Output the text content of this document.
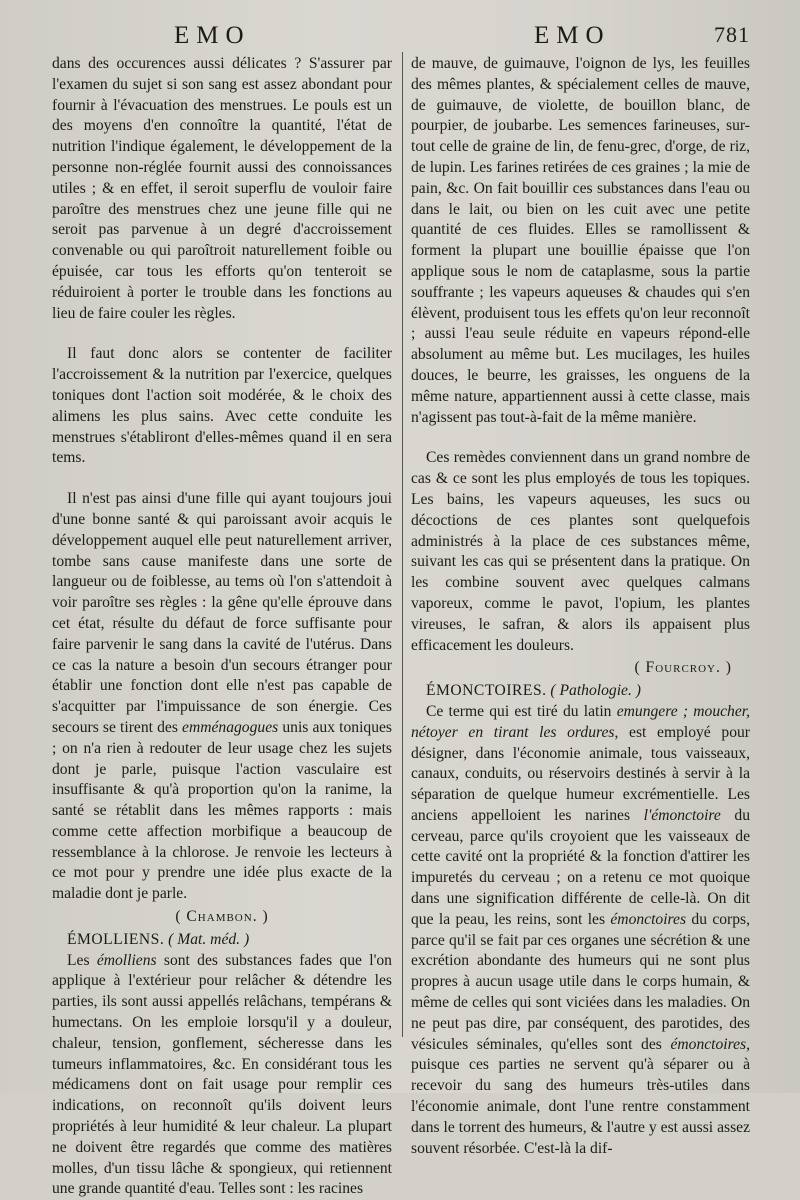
EMO	EMO	781

dans des occurences aussi délicates ? S'assurer par l'examen du sujet si son sang est assez abondant pour fournir à l'évacuation des menstrues. Le pouls est un des moyens d'en connoître la quantité, l'état de nutrition l'indique également, le développement de la personne non-réglée fournit aussi des connoissances utiles ; & en effet, il seroit superflu de vouloir faire paroître des menstrues chez une jeune fille qui ne seroit pas parvenue à un degré d'accroissement convenable ou qui paroîtroit naturellement foible ou épuisée, car tous les efforts qu'on tenteroit se réduiroient à porter le trouble dans les fonctions au lieu de faire couler les règles.

Il faut donc alors se contenter de faciliter l'accroissement & la nutrition par l'exercice, quelques toniques dont l'action soit modérée, & le choix des alimens les plus sains. Avec cette conduite les menstrues s'établiront d'elles-mêmes quand il en sera tems.

Il n'est pas ainsi d'une fille qui ayant toujours joui d'une bonne santé & qui paroissant avoir acquis le développement auquel elle peut naturellement arriver, tombe sans cause manifeste dans une sorte de langueur ou de foiblesse, au tems où l'on s'attendoit à voir paroître ses règles : la gêne qu'elle éprouve dans cet état, résulte du défaut de force suffisante pour faire parvenir le sang dans la cavité de l'utérus. Dans ce cas la nature a besoin d'un secours étranger pour établir une fonction dont elle n'est pas capable de s'acquitter par l'impuissance de son énergie. Ces secours se tirent des emménagogues unis aux toniques ; on n'a rien à redouter de leur usage chez les sujets dont je parle, puisque l'action vasculaire est insuffisante & qu'à proportion qu'on la ranime, la santé se rétablit dans les mêmes rapports : mais comme cette affection morbifique a beaucoup de ressemblance à la chlorose. Je renvoie les lecteurs à ce mot pour y prendre une idée plus exacte de la maladie dont je parle.

( Chambon. )

ÉMOLLIENS. ( Mat. méd. )

Les émolliens sont des substances fades que l'on applique à l'extérieur pour relâcher & détendre les parties, ils sont aussi appellés relâchans, tempérans & humectans. On les emploie lorsqu'il y a douleur, chaleur, tension, gonflement, sécheresse dans les tumeurs inflammatoires, &c. En considérant tous les médicamens dont on fait usage pour remplir ces indications, on reconnoît qu'ils doivent leurs propriétés à leur humidité & leur chaleur. La plupart ne doivent être regardés que comme des matières molles, d'un tissu lâche & spongieux, qui retiennent une grande quantité d'eau. Telles sont : les racines

de mauve, de guimauve, l'oignon de lys, les feuilles des mêmes plantes, & spécialement celles de mauve, de guimauve, de violette, de bouillon blanc, de pourpier, de joubarbe. Les semences farineuses, sur-tout celle de graine de lin, de fenu-grec, d'orge, de riz, de lupin. Les farines retirées de ces graines ; la mie de pain, &c. On fait bouillir ces substances dans l'eau ou dans le lait, ou bien on les cuit avec une petite quantité de ces fluides. Elles se ramollissent & forment la plupart une bouillie épaisse que l'on applique sous le nom de cataplasme, sous la partie souffrante ; les vapeurs aqueuses & chaudes qui s'en élèvent, produisent tous les effets qu'on leur reconnoît ; aussi l'eau seule réduite en vapeurs répond-elle absolument au même but. Les mucilages, les huiles douces, le beurre, les graisses, les onguens de la même nature, appartiennent aussi à cette classe, mais n'agissent pas tout-à-fait de la même manière.

Ces remèdes conviennent dans un grand nombre de cas & ce sont les plus employés de tous les topiques. Les bains, les vapeurs aqueuses, les sucs ou décoctions de ces plantes sont quelquefois administrés à la place de ces substances même, suivant les cas qui se présentent dans la pratique. On les combine souvent avec quelques calmans vaporeux, comme le pavot, l'opium, les plantes vireuses, le safran, & alors ils appaisent plus efficacement les douleurs.

( Fourcroy. )

ÉMONCTOIRES. ( Pathologie. )

Ce terme qui est tiré du latin emungere ; moucher, nétoyer en tirant les ordures, est employé pour désigner, dans l'économie animale, tous vaisseaux, canaux, conduits, ou réservoirs destinés à servir à la séparation de quelque humeur excrémentielle. Les anciens appelloient les narines l'émonctoire du cerveau, parce qu'ils croyoient que les vaisseaux de cette cavité ont la propriété & la fonction d'attirer les impuretés du cerveau ; on a retenu ce mot quoique dans une signification différente de celle-là. On dit que la peau, les reins, sont les émonctoires du corps, parce qu'il se fait par ces organes une sécrétion & une excrétion abondante des humeurs qui ne sont plus propres à aucun usage utile dans le corps humain, & même de celles qui sont viciées dans les maladies. On ne peut pas dire, par conséquent, des parotides, des vésicules séminales, qu'elles sont des émonctoires, puisque ces parties ne servent qu'à séparer ou à recevoir du sang des humeurs très-utiles dans l'économie animale, dont l'une rentre constamment dans le torrent des humeurs, & l'autre y est aussi assez souvent résorbée. C'est-là la dif-
